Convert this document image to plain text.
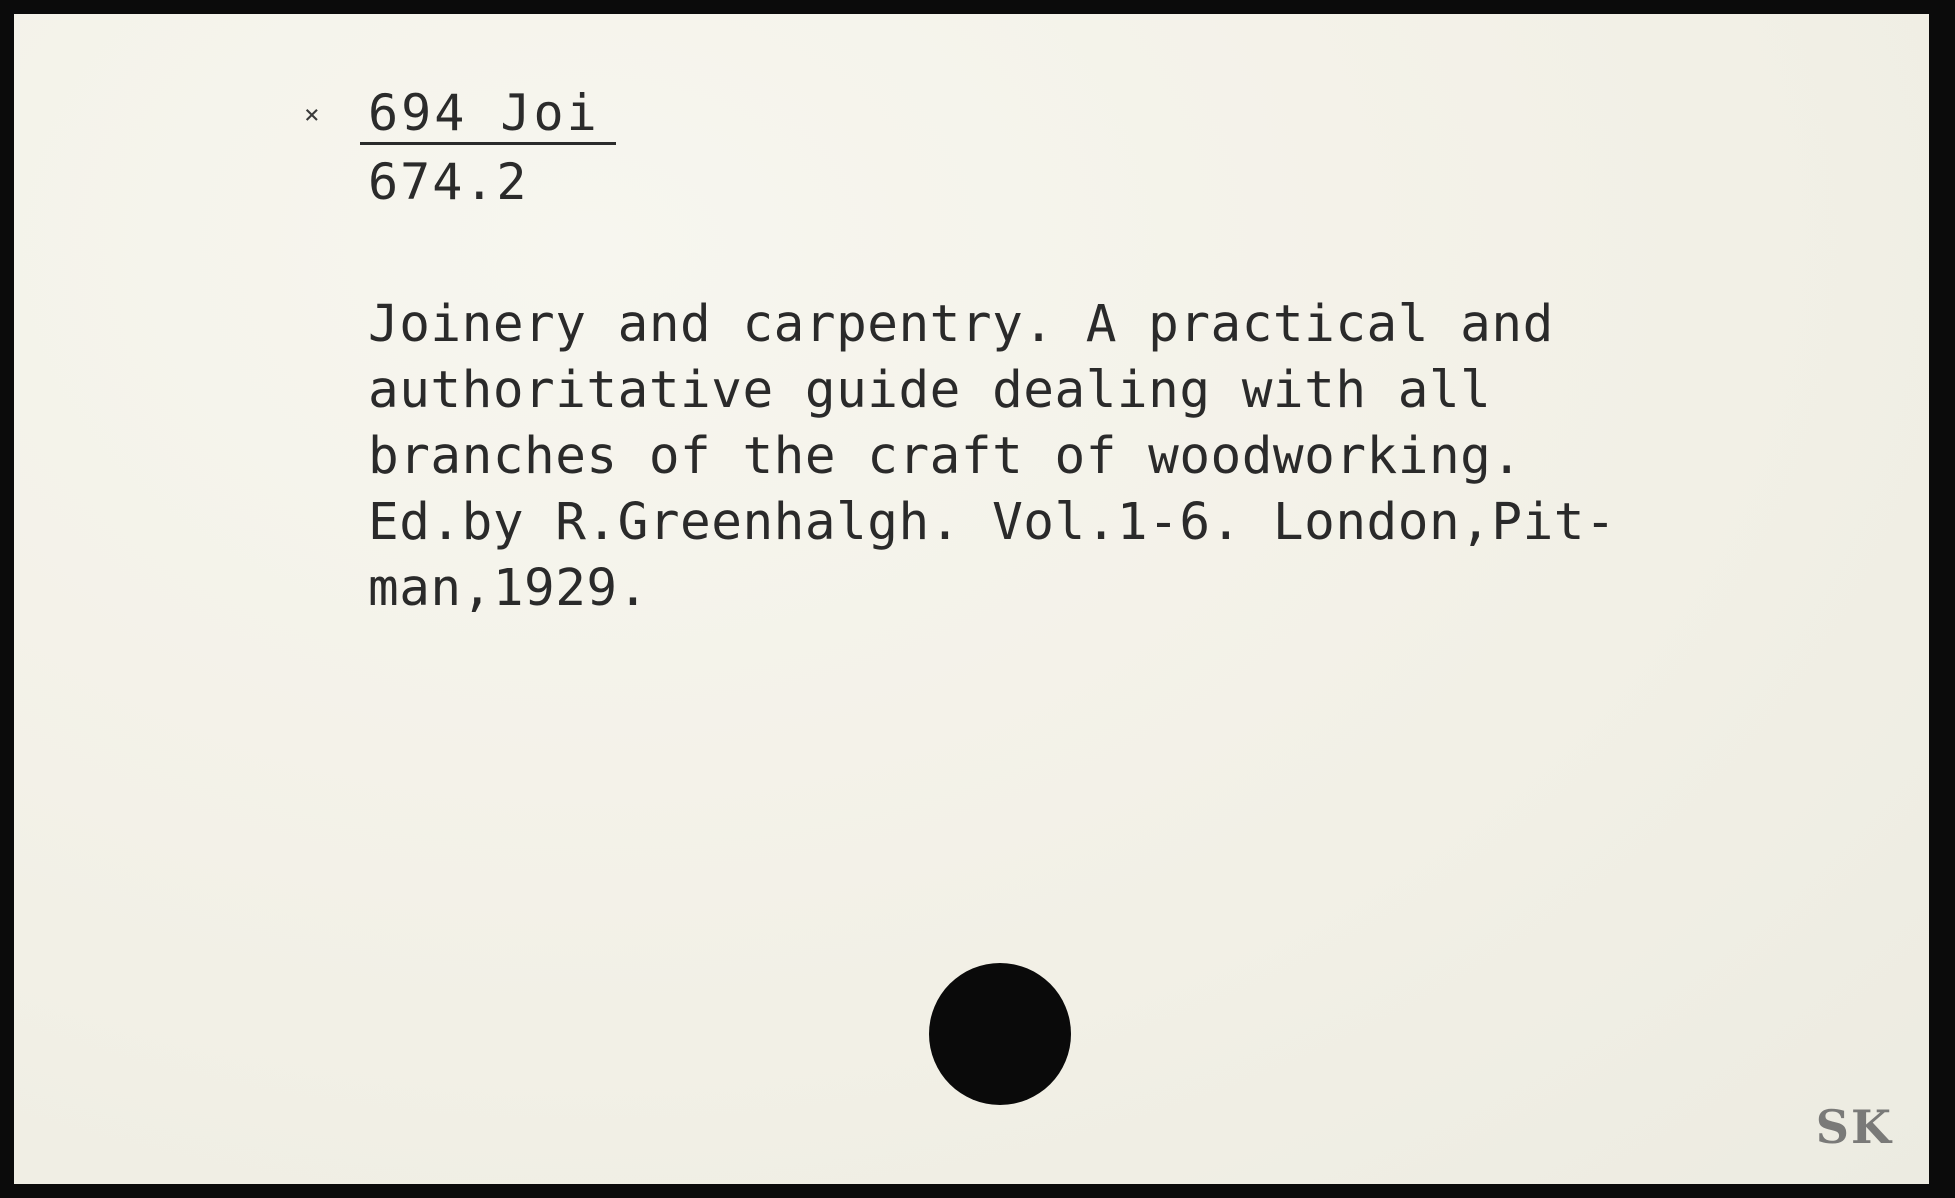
× 694 Joi
674.2
Joinery and carpentry. A practical and
authoritative guide dealing with all
branches of the craft of woodworking.
Ed.by R.Greenhalgh. Vol.1-6. London,Pit-
man,1929.
SK
